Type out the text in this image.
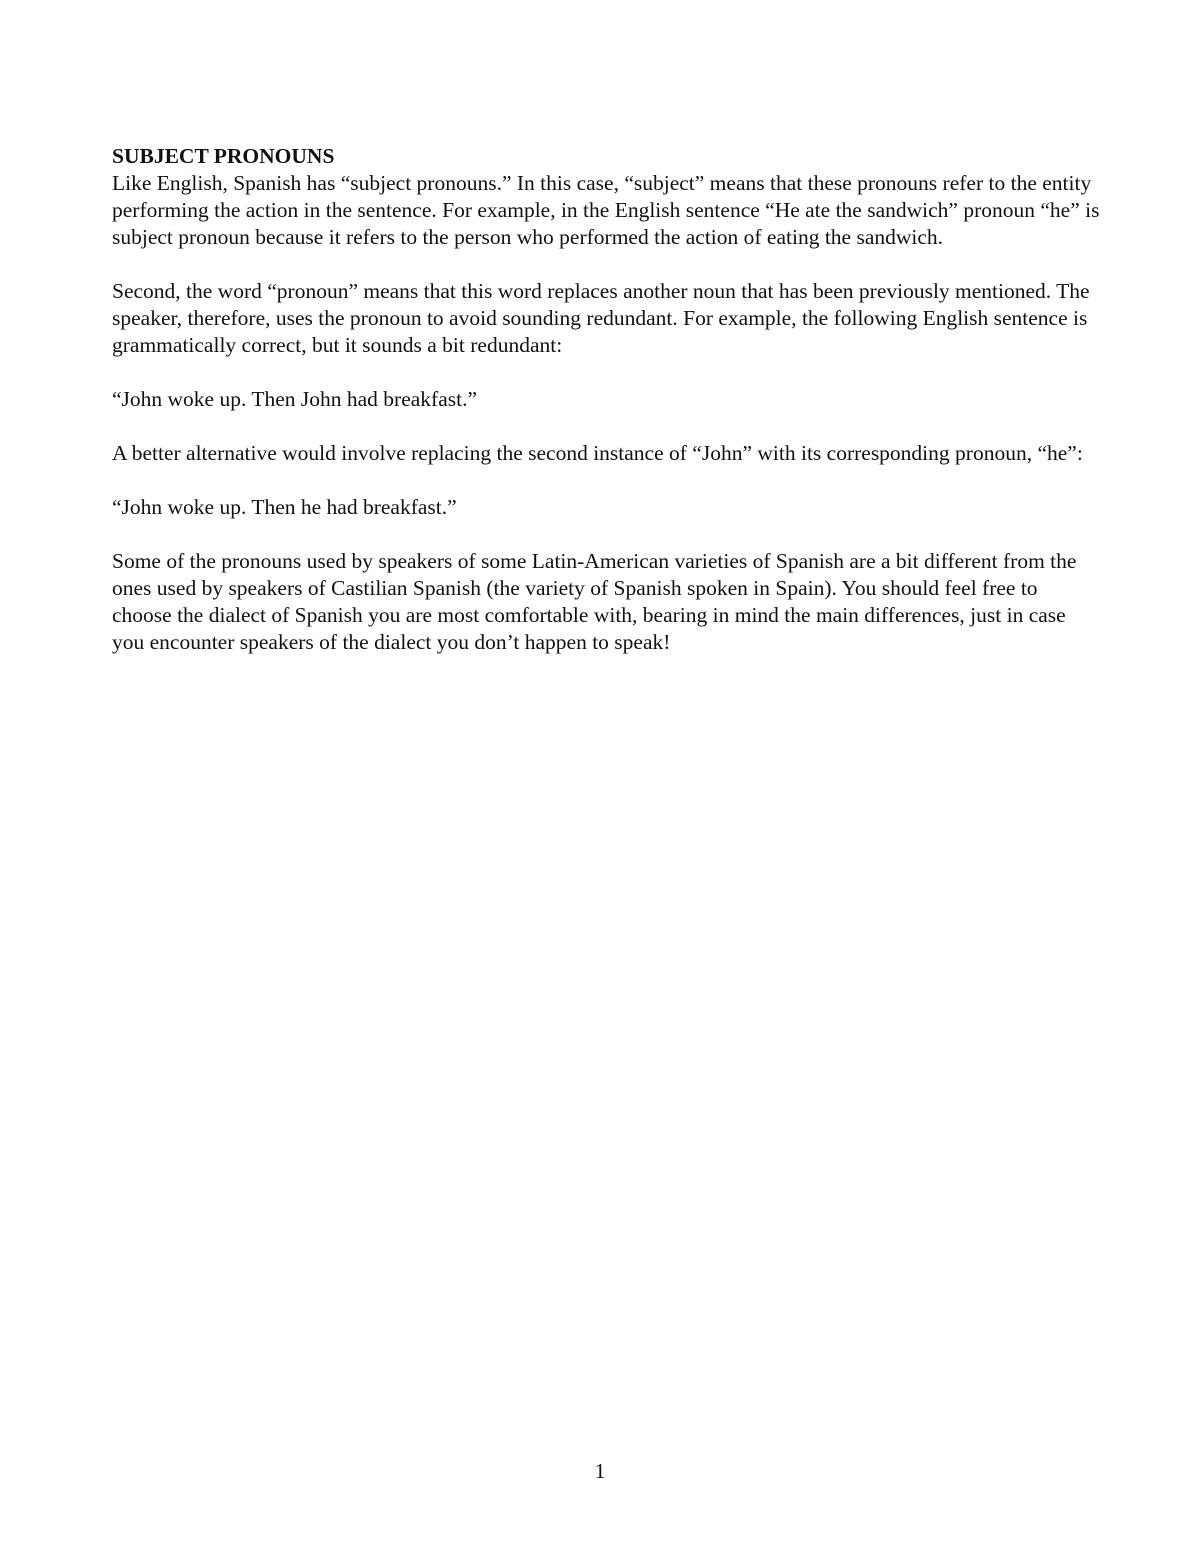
SUBJECT PRONOUNS

Like English, Spanish has “subject pronouns.” In this case, “subject” means that these pronouns refer to the entity performing the action in the sentence. For example, in the English sentence “He ate the sandwich” pronoun “he” is subject pronoun because it refers to the person who performed the action of eating the sandwich.

Second, the word “pronoun” means that this word replaces another noun that has been previously mentioned. The speaker, therefore, uses the pronoun to avoid sounding redundant. For example, the following English sentence is grammatically correct, but it sounds a bit redundant:

“John woke up. Then John had breakfast.”

A better alternative would involve replacing the second instance of “John” with its corresponding pronoun, “he”:

“John woke up. Then he had breakfast.”

Some of the pronouns used by speakers of some Latin-American varieties of Spanish are a bit different from the ones used by speakers of Castilian Spanish (the variety of Spanish spoken in Spain). You should feel free to choose the dialect of Spanish you are most comfortable with, bearing in mind the main differences, just in case you encounter speakers of the dialect you don’t happen to speak!

1
